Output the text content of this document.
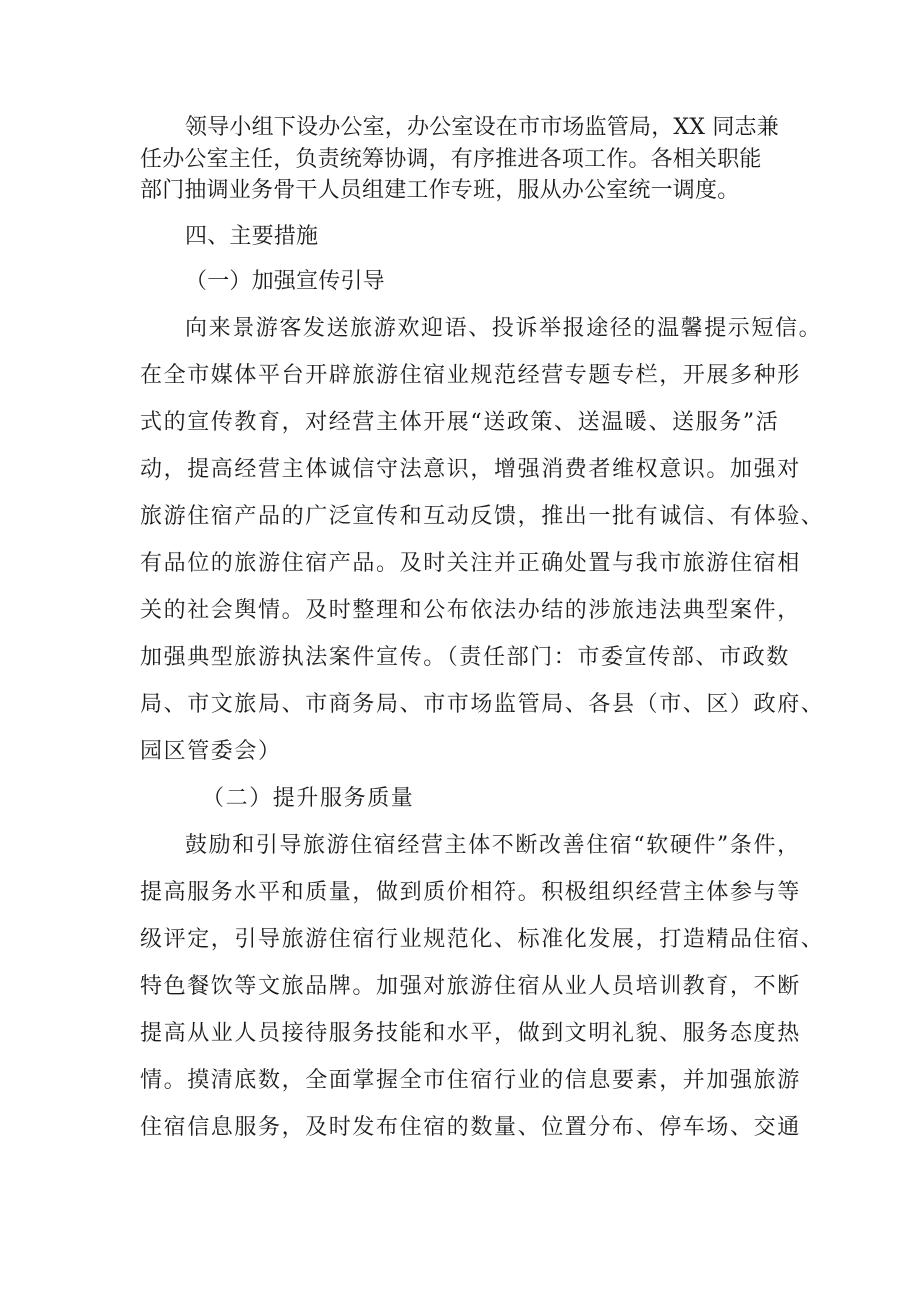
领导小组下设办公室，办公室设在市市场监管局，XX 同志兼
任办公室主任，负责统筹协调，有序推进各项工作。各相关职能
部门抽调业务骨干人员组建工作专班，服从办公室统一调度。
四、主要措施
（一）加强宣传引导
向来景游客发送旅游欢迎语、投诉举报途径的温馨提示短信。
在全市媒体平台开辟旅游住宿业规范经营专题专栏，开展多种形
式的宣传教育，对经营主体开展“送政策、送温暖、送服务”活
动，提高经营主体诚信守法意识，增强消费者维权意识。加强对
旅游住宿产品的广泛宣传和互动反馈，推出一批有诚信、有体验、
有品位的旅游住宿产品。及时关注并正确处置与我市旅游住宿相
关的社会舆情。及时整理和公布依法办结的涉旅违法典型案件，
加强典型旅游执法案件宣传。（责任部门：市委宣传部、市政数
局、市文旅局、市商务局、市市场监管局、各县（市、区）政府、
园区管委会）
（二）提升服务质量
鼓励和引导旅游住宿经营主体不断改善住宿“软硬件”条件，
提高服务水平和质量，做到质价相符。积极组织经营主体参与等
级评定，引导旅游住宿行业规范化、标准化发展，打造精品住宿、
特色餐饮等文旅品牌。加强对旅游住宿从业人员培训教育，不断
提高从业人员接待服务技能和水平，做到文明礼貌、服务态度热
情。摸清底数，全面掌握全市住宿行业的信息要素，并加强旅游
住宿信息服务，及时发布住宿的数量、位置分布、停车场、交通
